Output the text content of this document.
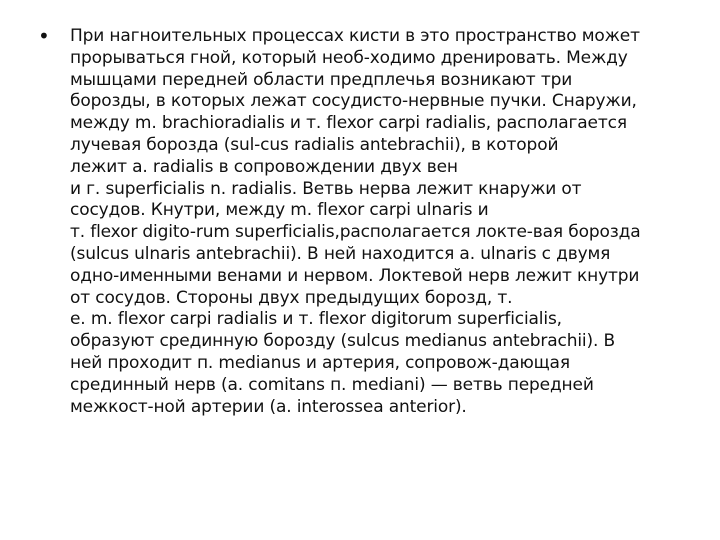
• При нагноительных процессах кисти в это пространство может
прорываться гной, который необ-ходимо дренировать. Между
мышцами передней области предплечья возникают три
борозды, в которых лежат сосудисто-нервные пучки. Снаружи,
между m. brachioradialis и т. flexor carpi radialis, располагается
лучевая борозда (sul-cus radialis antebrachii), в которой
лежит a. radialis в сопровождении двух вен
и г. superficialis n. radialis. Ветвь нерва лежит кнаружи от
сосудов. Кнутри, между m. flexor carpi ulnaris и
т. flexor digito-rum superficialis,располагается локте-вая борозда
(sulcus ulnaris antebrachii). В ней находится a. ulnaris с двумя
одно-именными венами и нервом. Локтевой нерв лежит кнутри
от сосудов. Стороны двух предыдущих борозд, т.
е. m. flexor carpi radialis и т. flexor digitorum superficialis,
образуют срединную борозду (sulcus medianus antebrachii). В
ней проходит п. medianus и артерия, сопровож-дающая
срединный нерв (a. comitans п. mediani) — ветвь передней
межкост-ной артерии (a. interossea anterior).
